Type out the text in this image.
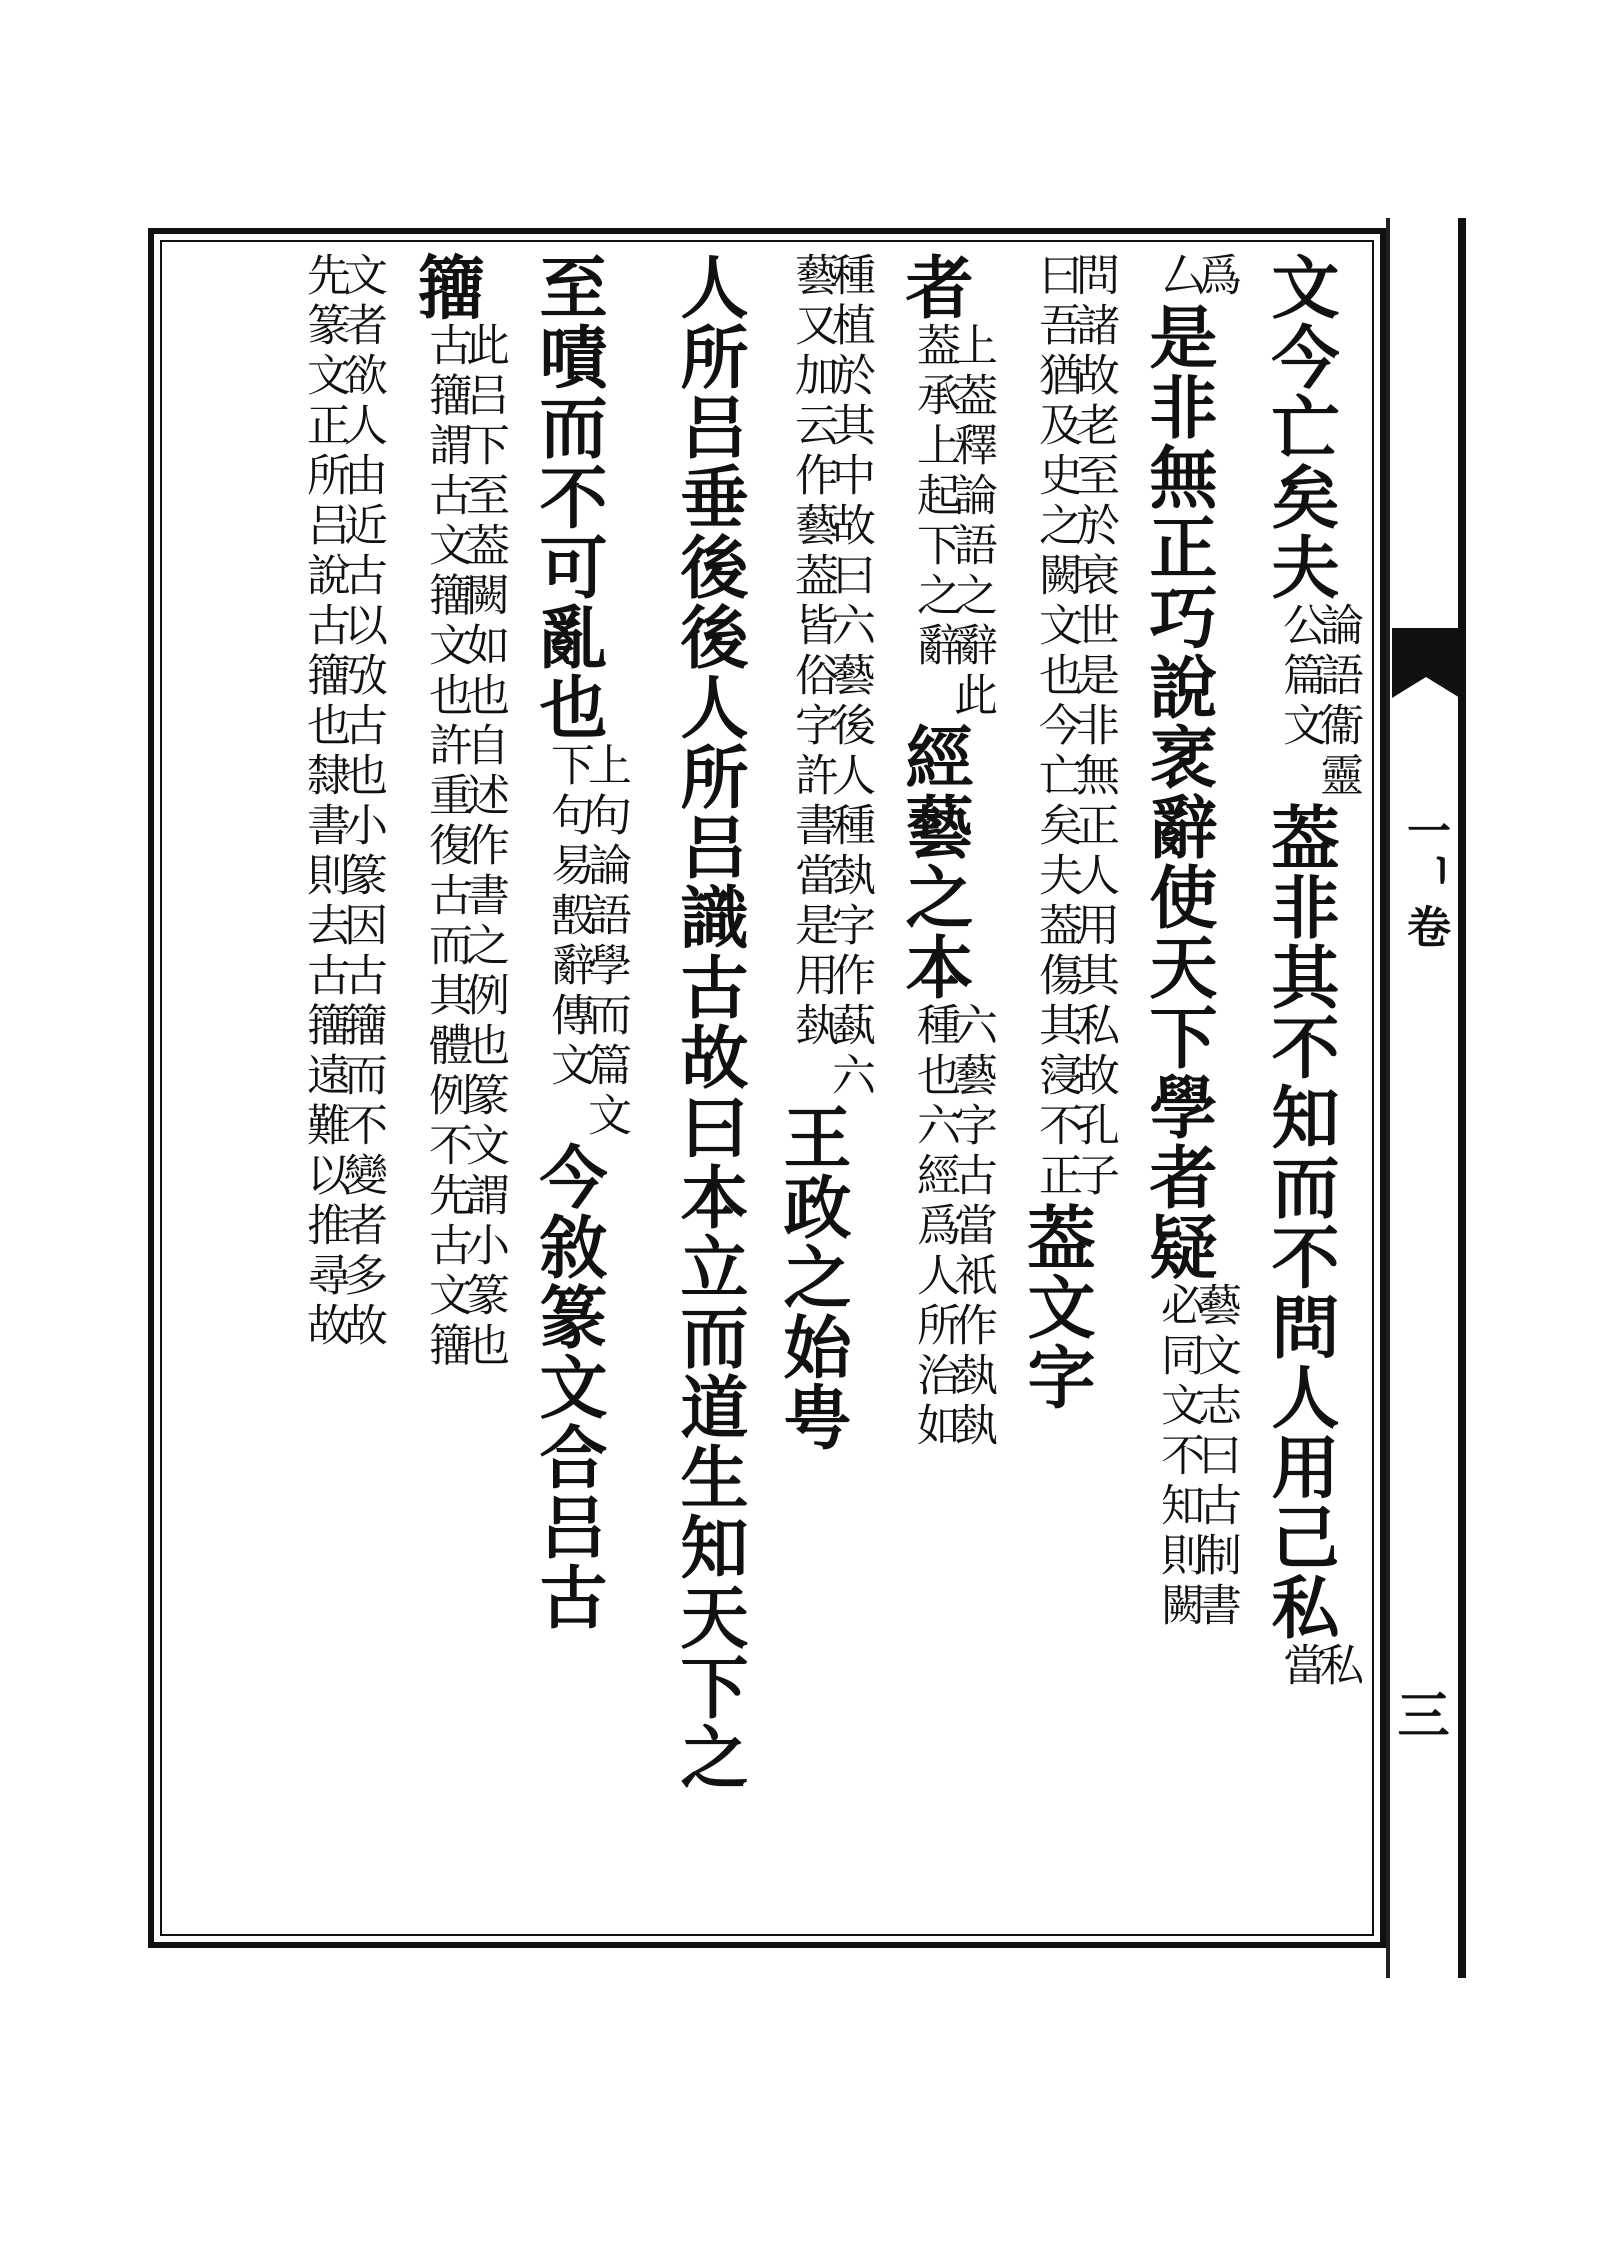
一ᅵ卷
三
文今亡矣夫
論語衞靈
公篇文
葢非其不知而不問人用己私
私
當
爲
厶
是非無正巧說衺辭使天下學者疑
藝文志曰古制書
必同文不知則闕
問諸故老至於衰世是非無正人用其私故孔子
曰吾猶及史之闕文也今亡矣夫葢傷其寖不正
葢文字
者
上葢釋論語之辭此
葢承上起下之辭
經藝之本
六藝字古當衹作埶埶
種也六經爲人所治如
種植於其中故曰六藝後人種埶字作蓺六
藝又加云作藝葢皆俗字許書當是用埶
王政之始甹
人所吕垂後後人所吕識古故曰本立而道生知天下之
至嘖而不可亂也
上句論語學而篇文
下句易毄辭傳文
今敘篆文合吕古
籒
此吕下至葢闕如也自述作書之例也篆文謂小篆也
古籒謂古文籒文也許重復古而其體例不先古文籒
文者欲人由近古以攷古也小篆因古籒而不變者多故
先篆文正所吕說古籒也隸書則去古籒遠難以推尋故
